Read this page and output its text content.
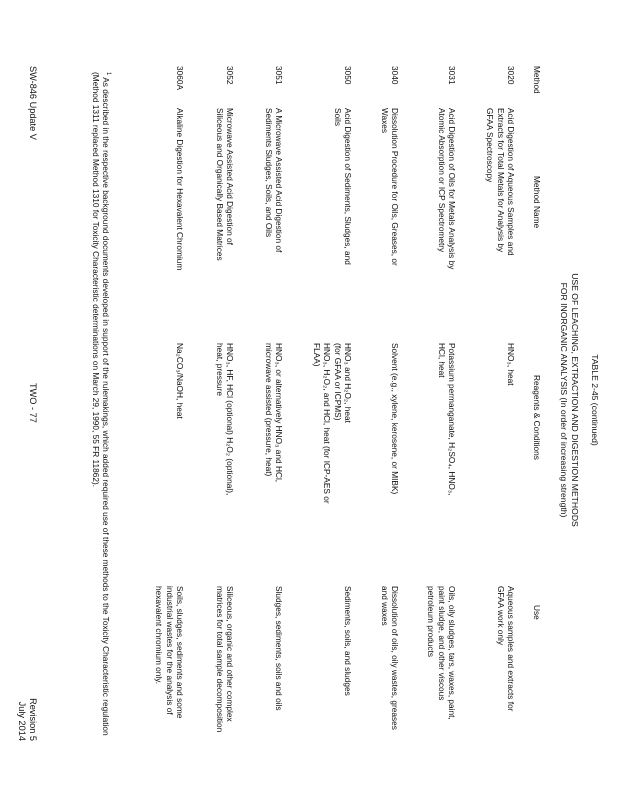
TABLE 2-45 (continued)
USE OF LEACHING, EXTRACTION AND DIGESTION METHODS
FOR INORGANIC ANALYSIS (In order of increasing strength)
Method
Method Name
Reagents & Conditions
Use
3020
Acid Digestion of Aqueous Samples and
Extracts for Total Metals for Analysis by
GFAA Spectroscopy
HNO₃, heat
Aqueous samples and extracts for
GFAA work only
3031
Acid Digestion of Oils for Metals Analysis by
Atomic Absorption or ICP Spectrometry
Potassium permanganate, H₂SO₄, HNO₃,
HCl, heat
Oils, oily sludges, tars, waxes, paint,
paint sludge, and other viscous
petroleum products
3040
Dissolution Procedure for Oils, Greases, or
Waxes
Solvent (e.g., xylene, kerosene, or MIBK)
Dissolution of oils, oily wastes, greases
and waxes
3050
Acid Digestion of Sediments, Sludges, and
Soils
HNO₃ and H₂O₂, heat
(for GFAA or ICPMS)
HNO₃, H₂O₂, and HCl, heat (for ICP-AES or
FLAA)
Sediments, soils, and sludges
3051
A Microwave Assisted Acid Digestion of
Sediments Sludges, Soils, and Oils
HNO₃, or alternatively HNO₃ and HCl,
microwave assisted (pressure, heat)
Sludges, sediments, soils and oils
3052
Microwave Assisted Acid Digestion of
Siliceous and Organically Based Matrices
HNO₃, HF, HCl (optional) H₂O₂ (optional),
heat, pressure
Siliceous, organic and other complex
matrices for total sample decomposition
3060A
Alkaline Digestion for Hexavalent Chromium
Na₂CO₃/NaOH, heat
Soils, sludges, sediments and some
industrial wastes for the analysis of
hexavalent chromium only.
$^1$ As described in the respective background documents developed in support of the rulemakings, which added required use of these methods to the Toxicity Characteristic regulation (Method 1311 replaced Method 1310 for Toxicity Characteristic determinations on March 29, 1990, 55 FR 11862).
SW-846 Update V
TWO - 77
Revision 5
July 2014
